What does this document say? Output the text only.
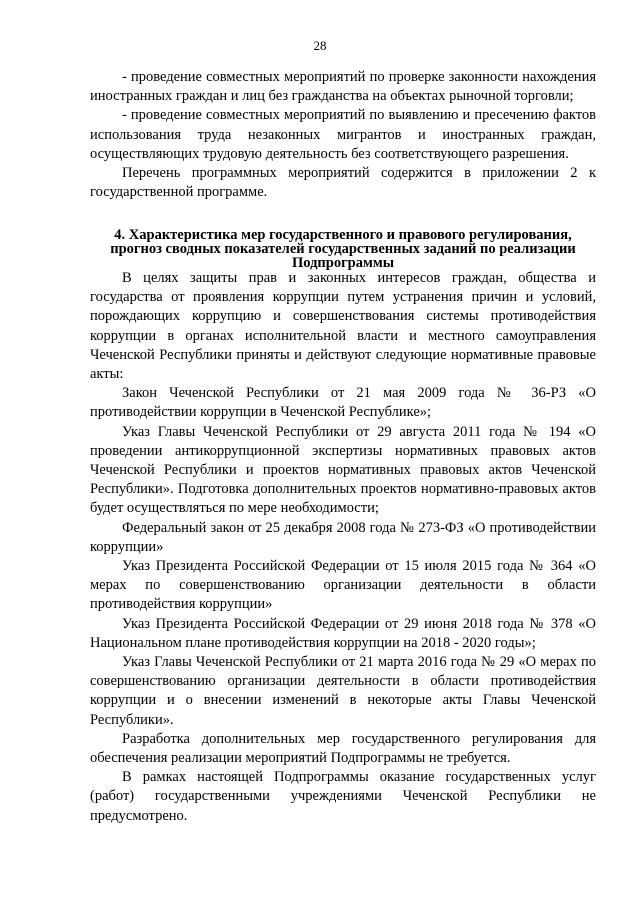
28

- проведение совместных мероприятий по проверке законности нахождения иностранных граждан и лиц без гражданства на объектах рыночной торговли;

- проведение совместных мероприятий по выявлению и пресечению фактов использования труда незаконных мигрантов и иностранных граждан, осуществляющих трудовую деятельность без соответствующего разрешения.

Перечень программных мероприятий содержится в приложении 2 к государственной программе.

4. Характеристика мер государственного и правового регулирования,

прогноз сводных показателей государственных заданий по реализации

Подпрограммы

В целях защиты прав и законных интересов граждан, общества и государства от проявления коррупции путем устранения причин и условий, порождающих коррупцию и совершенствования системы противодействия коррупции в органах исполнительной власти и местного самоуправления Чеченской Республики приняты и действуют следующие нормативные правовые акты:

Закон Чеченской Республики от 21 мая 2009 года № 36-РЗ «О противодействии коррупции в Чеченской Республике»;

Указ Главы Чеченской Республики от 29 августа 2011 года № 194 «О проведении антикоррупционной экспертизы нормативных правовых актов Чеченской Республики и проектов нормативных правовых актов Чеченской Республики». Подготовка дополнительных проектов нормативно-правовых актов будет осуществляться по мере необходимости;

Федеральный закон от 25 декабря 2008 года № 273-ФЗ «О противодействии коррупции»

Указ Президента Российской Федерации от 15 июля 2015 года № 364 «О мерах по совершенствованию организации деятельности в области противодействия коррупции»

Указ Президента Российской Федерации от 29 июня 2018 года № 378 «О Национальном плане противодействия коррупции на 2018 - 2020 годы»;

Указ Главы Чеченской Республики от 21 марта 2016 года № 29 «О мерах по совершенствованию организации деятельности в области противодействия коррупции и о внесении изменений в некоторые акты Главы Чеченской Республики».

Разработка дополнительных мер государственного регулирования для обеспечения реализации мероприятий Подпрограммы не требуется.

В рамках настоящей Подпрограммы оказание государственных услуг (работ) государственными учреждениями Чеченской Республики не предусмотрено.
